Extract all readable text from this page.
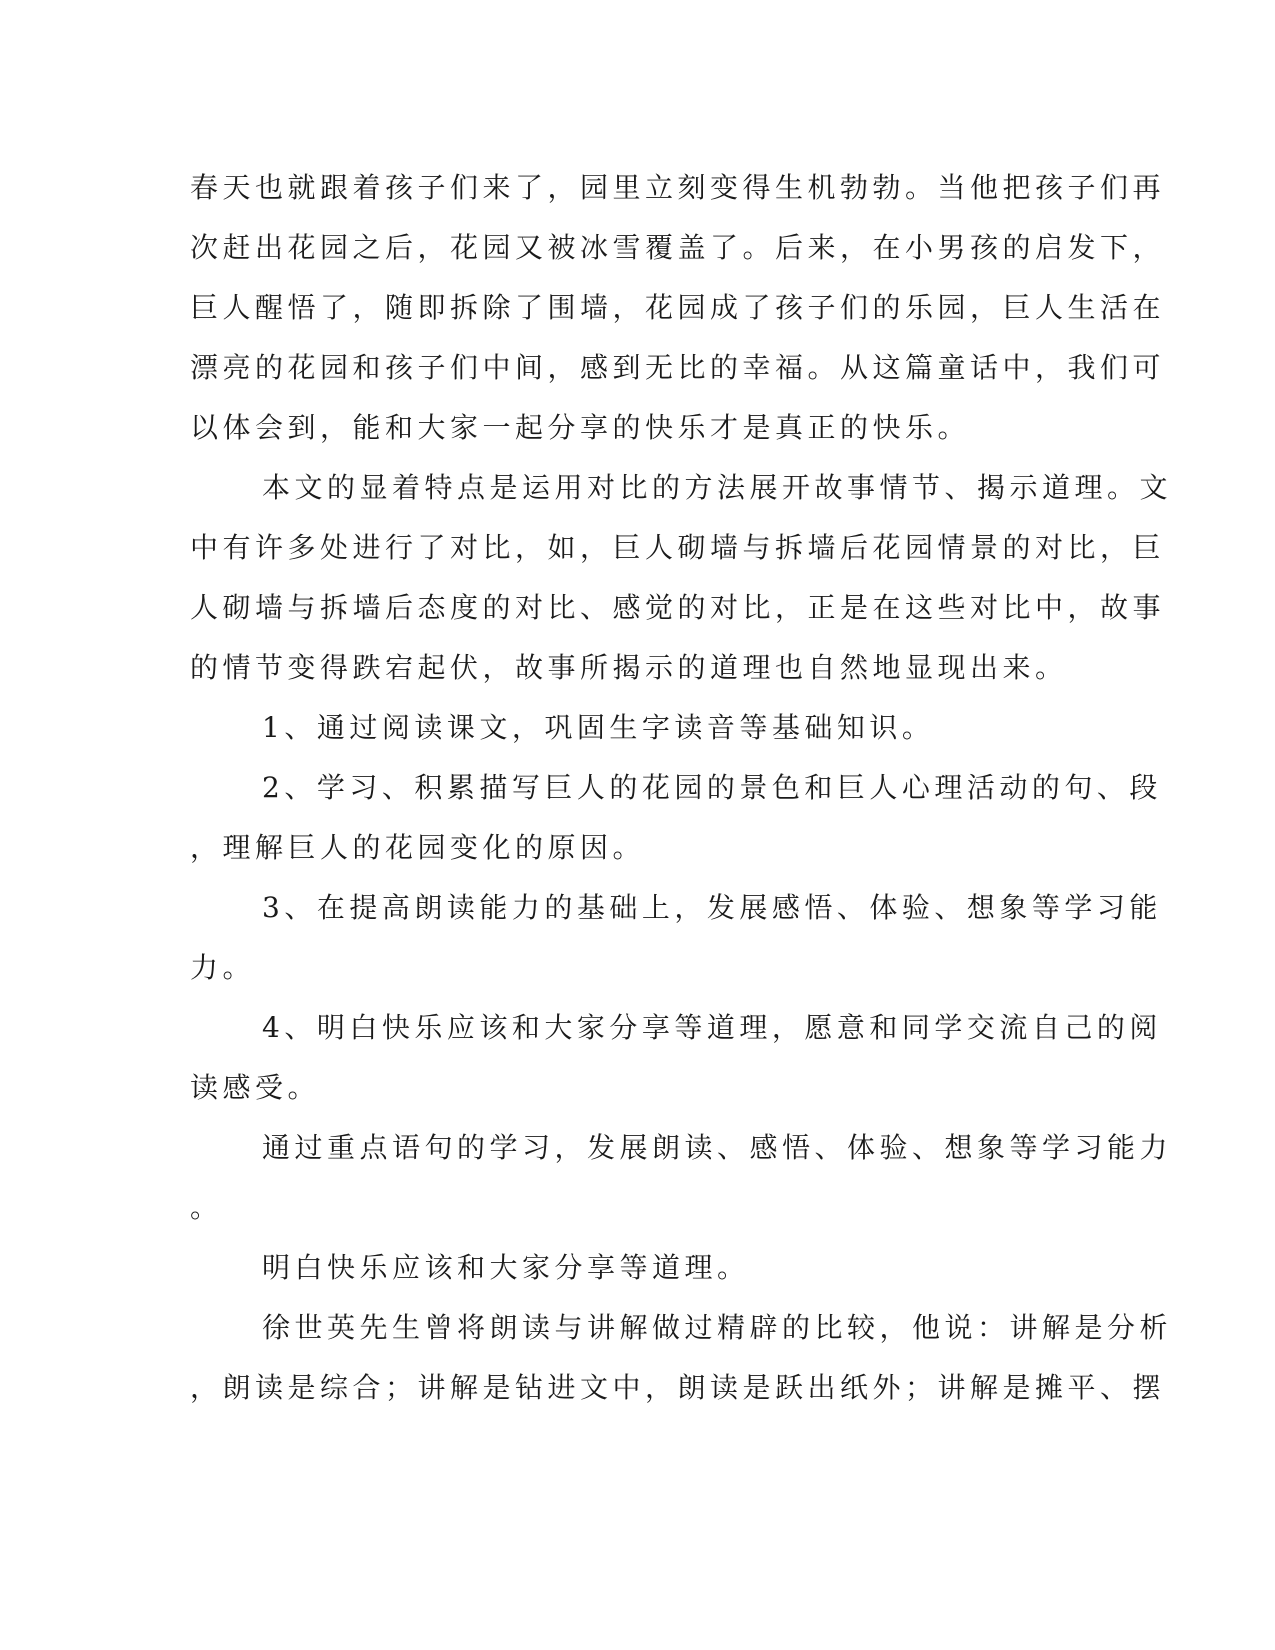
春天也就跟着孩子们来了，园里立刻变得生机勃勃。当他把孩子们再
次赶出花园之后，花园又被冰雪覆盖了。后来，在小男孩的启发下，
巨人醒悟了，随即拆除了围墙，花园成了孩子们的乐园，巨人生活在
漂亮的花园和孩子们中间，感到无比的幸福。从这篇童话中，我们可
以体会到，能和大家一起分享的快乐才是真正的快乐。
本文的显着特点是运用对比的方法展开故事情节、揭示道理。文
中有许多处进行了对比，如，巨人砌墙与拆墙后花园情景的对比，巨
人砌墙与拆墙后态度的对比、感觉的对比，正是在这些对比中，故事
的情节变得跌宕起伏，故事所揭示的道理也自然地显现出来。
1、通过阅读课文，巩固生字读音等基础知识。
2、学习、积累描写巨人的花园的景色和巨人心理活动的句、段
，理解巨人的花园变化的原因。
3、在提高朗读能力的基础上，发展感悟、体验、想象等学习能
力。
4、明白快乐应该和大家分享等道理，愿意和同学交流自己的阅
读感受。
通过重点语句的学习，发展朗读、感悟、体验、想象等学习能力
。
明白快乐应该和大家分享等道理。
徐世英先生曾将朗读与讲解做过精辟的比较，他说：讲解是分析
，朗读是综合；讲解是钻进文中，朗读是跃出纸外；讲解是摊平、摆
